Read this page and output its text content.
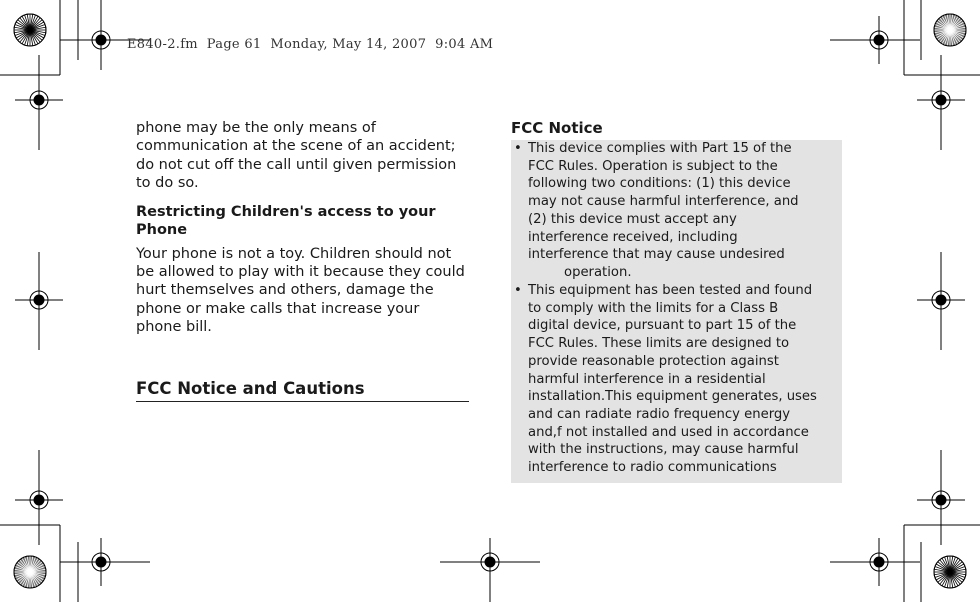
E840-2.fm  Page 61  Monday, May 14, 2007  9:04 AM

phone may be the only means of
communication at the scene of an accident;
do not cut off the call until given permission
to do so.

Restricting Children's access to your
Phone

Your phone is not a toy. Children should not
be allowed to play with it because they could
hurt themselves and others, damage the
phone or make calls that increase your
phone bill.

FCC Notice and Cautions
FCC Notice
• This device complies with Part 15 of the
FCC Rules. Operation is subject to the
following two conditions: (1) this device
may not cause harmful interference, and
(2) this device must accept any
interference received, including
interference that may cause undesired
operation.
• This equipment has been tested and found
to comply with the limits for a Class B
digital device, pursuant to part 15 of the
FCC Rules. These limits are designed to
provide reasonable protection against
harmful interference in a residential
installation.This equipment generates, uses
and can radiate radio frequency energy
and,f not installed and used in accordance
with the instructions, may cause harmful
interference to radio communications
